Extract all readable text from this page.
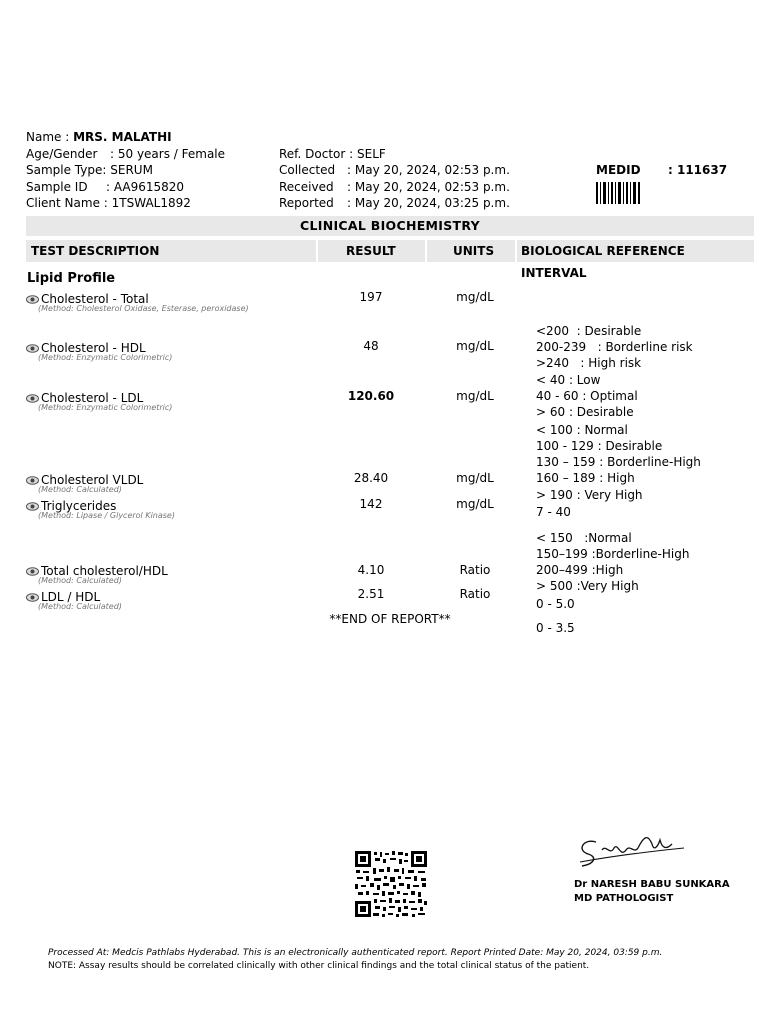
Name : MRS. MALATHI
Age/Gender : 50 years / Female
Sample Type: SERUM
Sample ID : AA9615820
Client Name : 1TSWAL1892
Ref. Doctor : SELF
Collected : May 20, 2024, 02:53 p.m.
Received : May 20, 2024, 02:53 p.m.
Reported : May 20, 2024, 03:25 p.m.
MEDID : 111637
CLINICAL BIOCHEMISTRY
TEST DESCRIPTION	RESULT	UNITS BIOLOGICAL REFERENCE INTERVAL
Lipid Profile
Cholesterol - Total
(Method: Cholesterol Oxidase, Esterase, peroxidase)
197	mg/dL

<200  : Desirable
200-239   : Borderline risk
>240   : High risk

Cholesterol - HDL
(Method: Enzymatic Colorimetric)
48	mg/dL

< 40 : Low
40 - 60 : Optimal
> 60 : Desirable

Cholesterol - LDL
(Method: Enzymatic Colorimetric)
120.60	mg/dL

< 100 : Normal
100 - 129 : Desirable
130 – 159 : Borderline-High
160 – 189 : High
> 190 : Very High

Cholesterol VLDL
(Method: Calculated)
28.40	mg/dL

7 - 40

Triglycerides
(Method: Lipase / Glycerol Kinase)
142	mg/dL

< 150   :Normal
150–199 :Borderline-High
200–499 :High
> 500 :Very High

Total cholesterol/HDL
(Method: Calculated)
4.10	Ratio

0 - 5.0

LDL / HDL
(Method: Calculated)
2.51	Ratio

0 - 3.5

**END OF REPORT**
Dr NARESH BABU SUNKARA
MD PATHOLOGIST
Processed At: Medcis Pathlabs Hyderabad. This is an electronically authenticated report. Report Printed Date: May 20, 2024, 03:59 p.m.
NOTE: Assay results should be correlated clinically with other clinical findings and the total clinical status of the patient.
